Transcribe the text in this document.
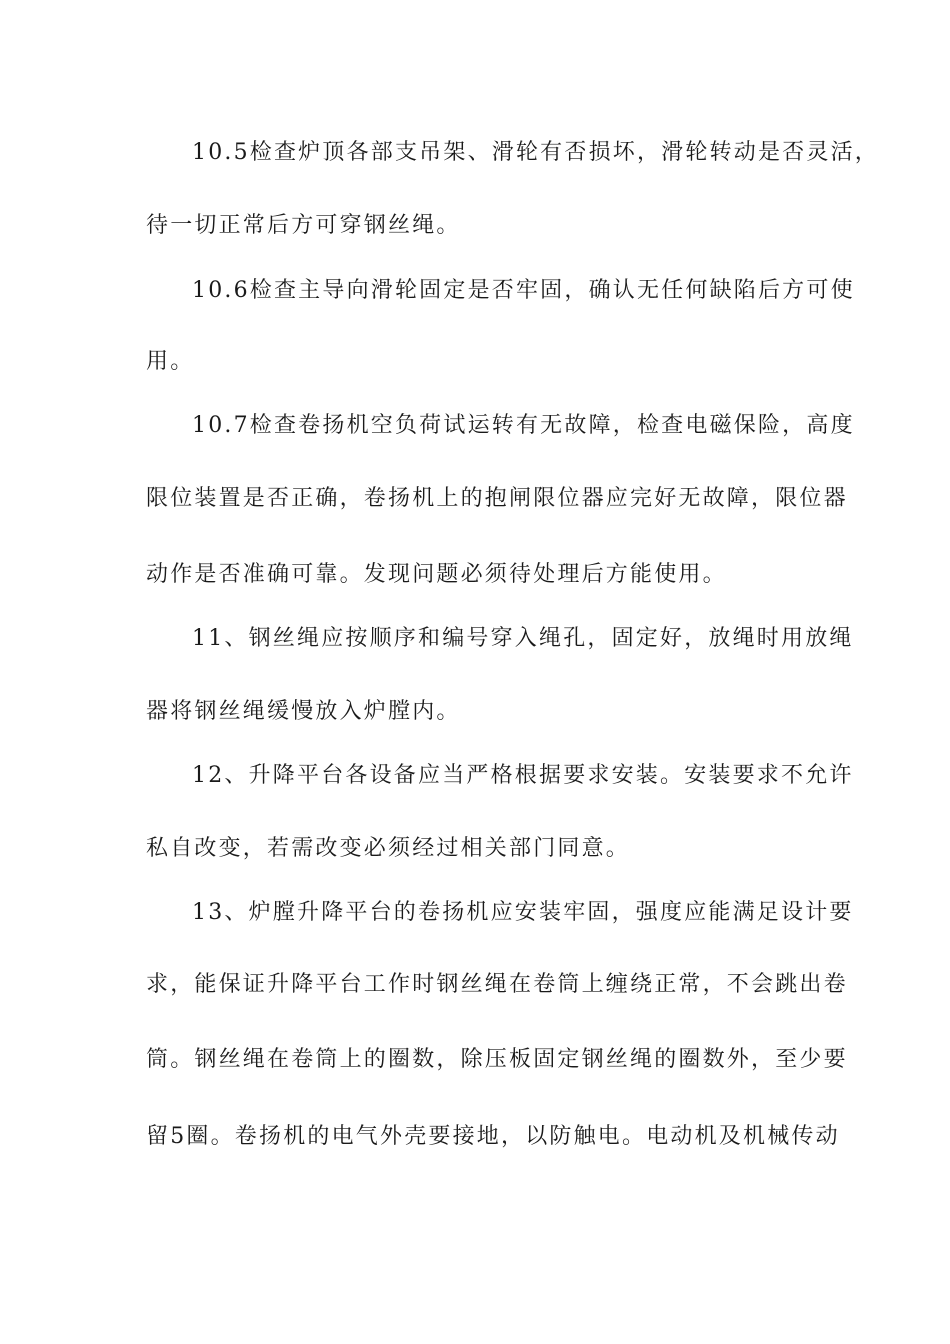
10.5检查炉顶各部支吊架、滑轮有否损坏，滑轮转动是否灵活，
待一切正常后方可穿钢丝绳。
10.6检查主导向滑轮固定是否牢固，确认无任何缺陷后方可使
用。
10.7检查卷扬机空负荷试运转有无故障，检查电磁保险，高度
限位装置是否正确，卷扬机上的抱闸限位器应完好无故障，限位器
动作是否准确可靠。发现问题必须待处理后方能使用。
11、钢丝绳应按顺序和编号穿入绳孔，固定好，放绳时用放绳
器将钢丝绳缓慢放入炉膛内。
12、升降平台各设备应当严格根据要求安装。安装要求不允许
私自改变，若需改变必须经过相关部门同意。
13、炉膛升降平台的卷扬机应安装牢固，强度应能满足设计要
求，能保证升降平台工作时钢丝绳在卷筒上缠绕正常，不会跳出卷
筒。钢丝绳在卷筒上的圈数，除压板固定钢丝绳的圈数外，至少要
留5圈。卷扬机的电气外壳要接地，以防触电。电动机及机械传动
